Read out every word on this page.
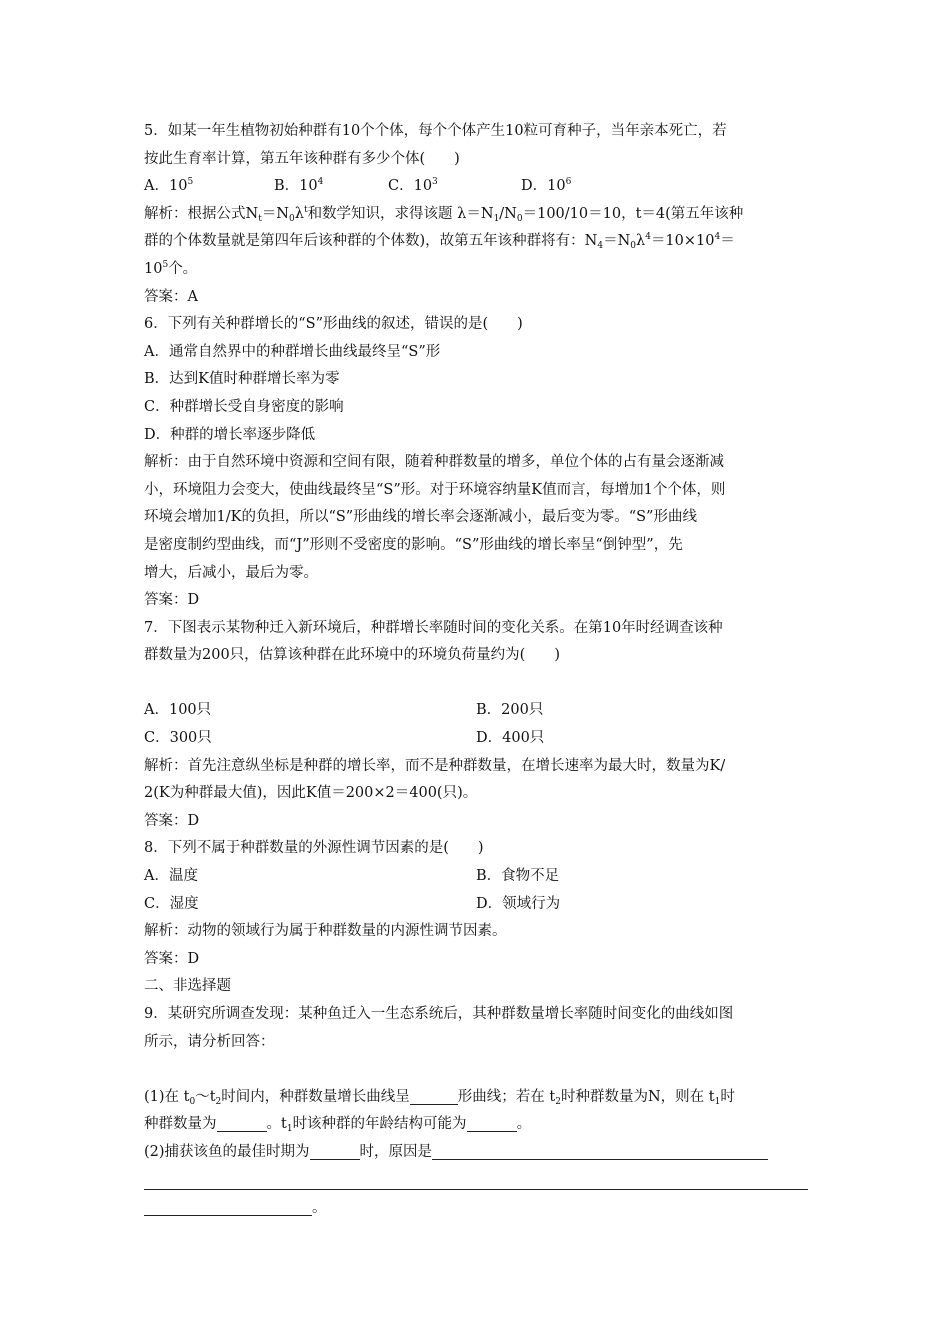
5．如某一年生植物初始种群有10个个体，每个个体产生10粒可育种子，当年亲本死亡，若
按此生育率计算，第五年该种群有多少个体(　　)
A．$10^5$	B．$10^4$	C．$10^3$	D．$10^6$
解析：根据公式$N_t=N_0\lambda^t$和数学知识，求得该题 $\lambda=N_1/N_0=100/10=10$，t＝4(第五年该种
群的个体数量就是第四年后该种群的个体数)，故第五年该种群将有：$N_4=N_0\lambda^4=10\times 10^4=$
$10^5$个。
答案：A
6．下列有关种群增长的“S”形曲线的叙述，错误的是(　　)
A．通常自然界中的种群增长曲线最终呈“S”形
B．达到K值时种群增长率为零
C．种群增长受自身密度的影响
D．种群的增长率逐步降低
解析：由于自然环境中资源和空间有限，随着种群数量的增多，单位个体的占有量会逐渐减
小，环境阻力会变大，使曲线最终呈“S”形。对于环境容纳量K值而言，每增加1个个体，则
环境会增加1/K的负担，所以“S”形曲线的增长率会逐渐减小，最后变为零。“S”形曲线
是密度制约型曲线，而“J”形则不受密度的影响。“S”形曲线的增长率呈“倒钟型”，先
增大，后减小，最后为零。
答案：D
7．下图表示某物种迁入新环境后，种群增长率随时间的变化关系。在第10年时经调查该种
群数量为200只，估算该种群在此环境中的环境负荷量约为(　　)
A．100只	B．200只
C．300只	D．400只
解析：首先注意纵坐标是种群的增长率，而不是种群数量，在增长速率为最大时，数量为K/
2(K为种群最大值)，因此K值＝200×2＝400(只)。
答案：D
8．下列不属于种群数量的外源性调节因素的是(　　)
A．温度	B．食物不足
C．湿度	D．领域行为
解析：动物的领域行为属于种群数量的内源性调节因素。
答案：D
二、非选择题
9．某研究所调查发现：某种鱼迁入一生态系统后，其种群数量增长率随时间变化的曲线如图
所示，请分析回答：
(1)在 $t_0\sim t_2$时间内，种群数量增长曲线呈	形曲线；若在 $t_2$时种群数量为N，则在 $t_1$时
种群数量为	。$t_1$时该种群的年龄结构可能为	。
(2)捕获该鱼的最佳时期为	时，原因是
。
